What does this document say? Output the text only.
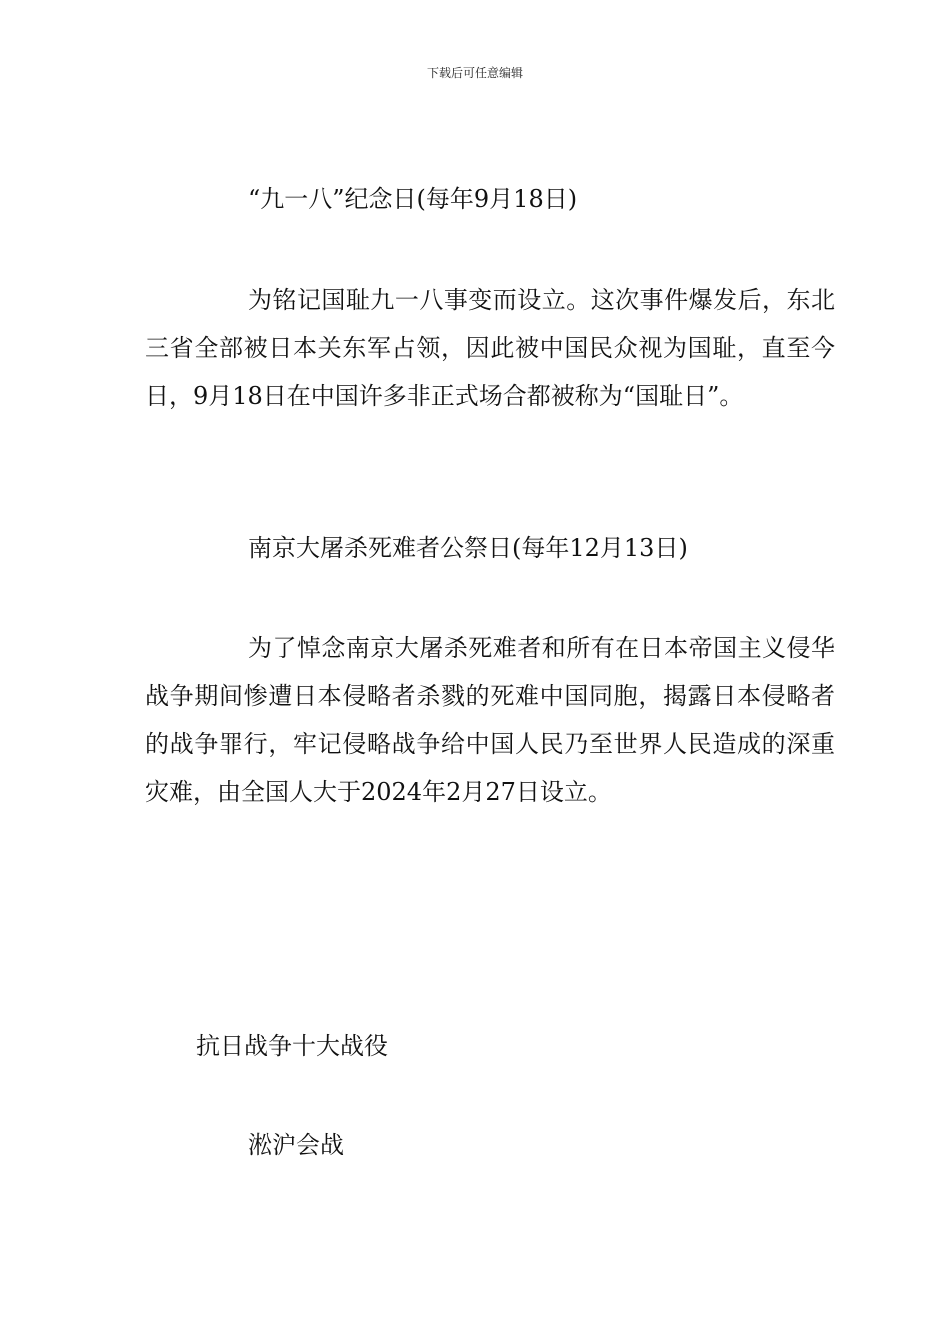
下载后可任意编辑
“九一八”纪念日(每年9月18日)
为铭记国耻九一八事变而设立。这次事件爆发后，东北三省全部被日本关东军占领，因此被中国民众视为国耻，直至今日，9月18日在中国许多非正式场合都被称为“国耻日”。
南京大屠杀死难者公祭日(每年12月13日)
为了悼念南京大屠杀死难者和所有在日本帝国主义侵华战争期间惨遭日本侵略者杀戮的死难中国同胞，揭露日本侵略者的战争罪行，牢记侵略战争给中国人民乃至世界人民造成的深重灾难，由全国人大于2024年2月27日设立。
抗日战争十大战役
淞沪会战
